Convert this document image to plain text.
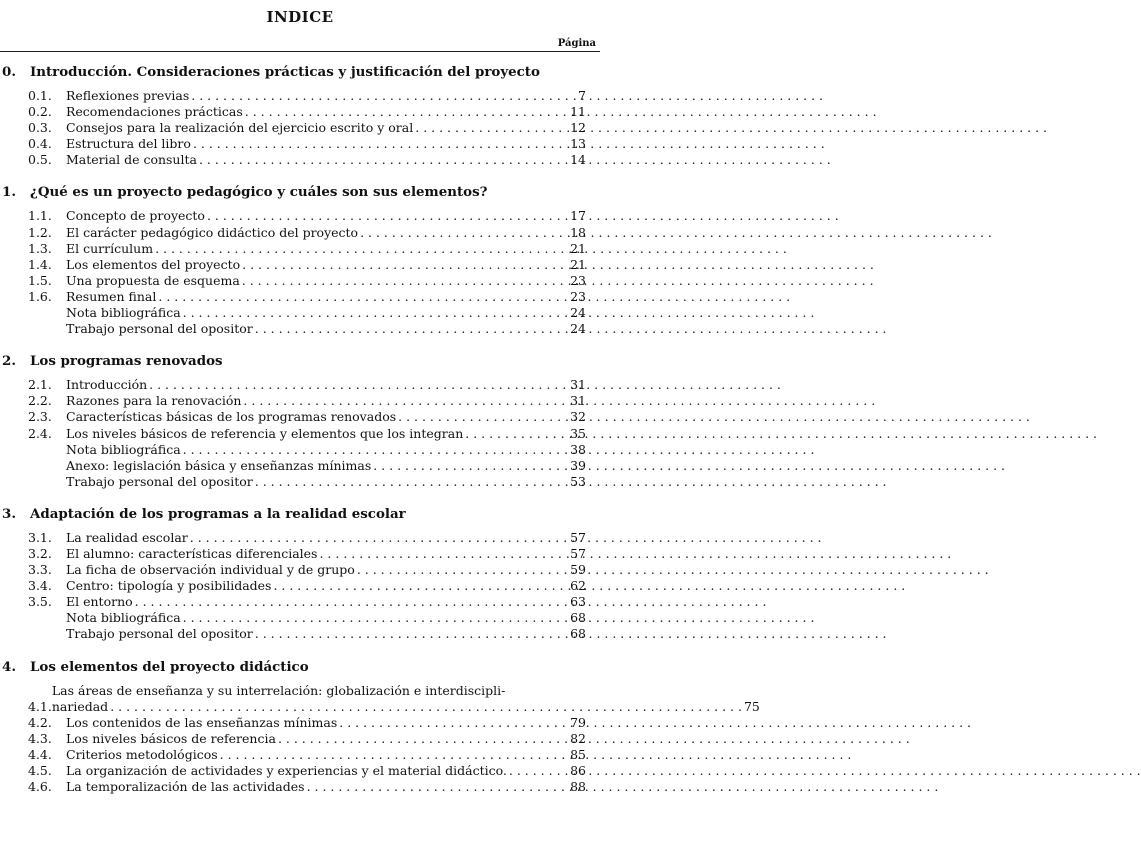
INDICE
Página
0.	Introducción. Consideraciones prácticas y justificación del proyecto
0.1.	Reflexiones previas . . .	7
0.2.	Recomendaciones prácticas . . .	11
0.3.	Consejos para la realización del ejercicio escrito y oral . . .	12
0.4.	Estructura del libro . . .	13
0.5.	Material de consulta . . .	14
1.	¿Qué es un proyecto pedagógico y cuáles son sus elementos?
1.1.	Concepto de proyecto . . .	17
1.2.	El carácter pedagógico didáctico del proyecto . . .	18
1.3.	El currículum . . .	21
1.4.	Los elementos del proyecto . . .	21
1.5.	Una propuesta de esquema . . .	23
1.6.	Resumen final . . .	23
Nota bibliográfica . . .	24
Trabajo personal del opositor . . .	24
2.	Los programas renovados
2.1.	Introducción . . .	31
2.2.	Razones para la renovación . . .	31
2.3.	Características básicas de los programas renovados . . .	32
2.4.	Los niveles básicos de referencia y elementos que los integran . . .	35
Nota bibliográfica . . .	38
Anexo: legislación básica y enseñanzas mínimas . . .	39
Trabajo personal del opositor . . .	53
3.	Adaptación de los programas a la realidad escolar
3.1.	La realidad escolar . . .	57
3.2.	El alumno: características diferenciales . . .	57
3.3.	La ficha de observación individual y de grupo . . .	59
3.4.	Centro: tipología y posibilidades . . .	62
3.5.	El entorno . . .	63
Nota bibliográfica . . .	68
Trabajo personal del opositor . . .	68
4.	Los elementos del proyecto didáctico
4.1.
Las áreas de enseñanza y su interrelación: globalización e interdiscipli-
nariedad . . .	75
4.2.	Los contenidos de las enseñanzas mínimas . . .	79
4.3.	Los niveles básicos de referencia . . .	82
4.4.	Criterios metodológicos . . .	85
4.5.	La organización de actividades y experiencias y el material didáctico. . . .	86
4.6.	La temporalización de las actividades . . .	88
